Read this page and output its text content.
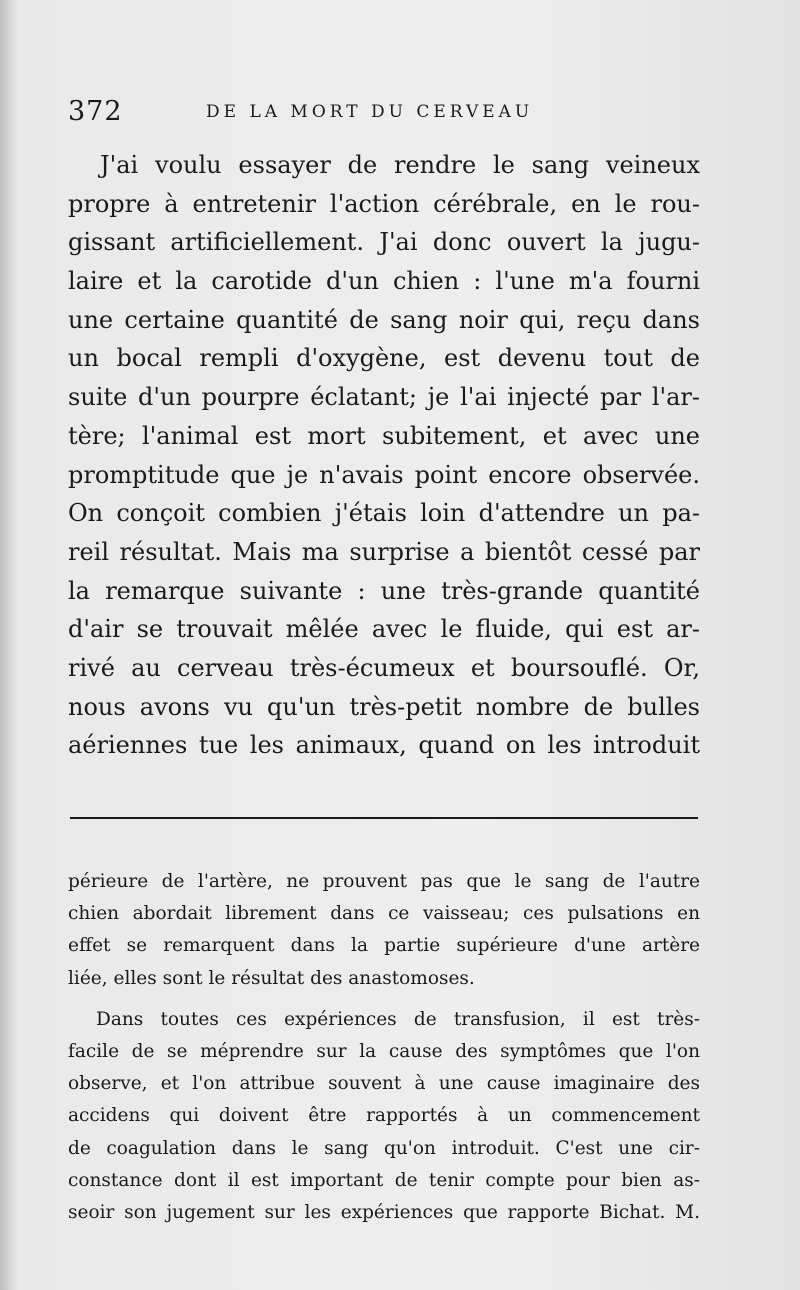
372	DE LA MORT DU CERVEAU
J'ai voulu essayer de rendre le sang veineux
propre à entretenir l'action cérébrale, en le rou-
gissant artificiellement. J'ai donc ouvert la jugu-
laire et la carotide d'un chien : l'une m'a fourni
une certaine quantité de sang noir qui, reçu dans
un bocal rempli d'oxygène, est devenu tout de
suite d'un pourpre éclatant; je l'ai injecté par l'ar-
tère; l'animal est mort subitement, et avec une
promptitude que je n'avais point encore observée.
On conçoit combien j'étais loin d'attendre un pa-
reil résultat. Mais ma surprise a bientôt cessé par
la remarque suivante : une très-grande quantité
d'air se trouvait mêlée avec le fluide, qui est ar-
rivé au cerveau très-écumeux et boursouflé. Or,
nous avons vu qu'un très-petit nombre de bulles
aériennes tue les animaux, quand on les introduit
périeure de l'artère, ne prouvent pas que le sang de l'autre
chien abordait librement dans ce vaisseau; ces pulsations en
effet se remarquent dans la partie supérieure d'une artère
liée, elles sont le résultat des anastomoses.
Dans toutes ces expériences de transfusion, il est très-
facile de se méprendre sur la cause des symptômes que l'on
observe, et l'on attribue souvent à une cause imaginaire des
accidens qui doivent être rapportés à un commencement
de coagulation dans le sang qu'on introduit. C'est une cir-
constance dont il est important de tenir compte pour bien as-
seoir son jugement sur les expériences que rapporte Bichat. M.
